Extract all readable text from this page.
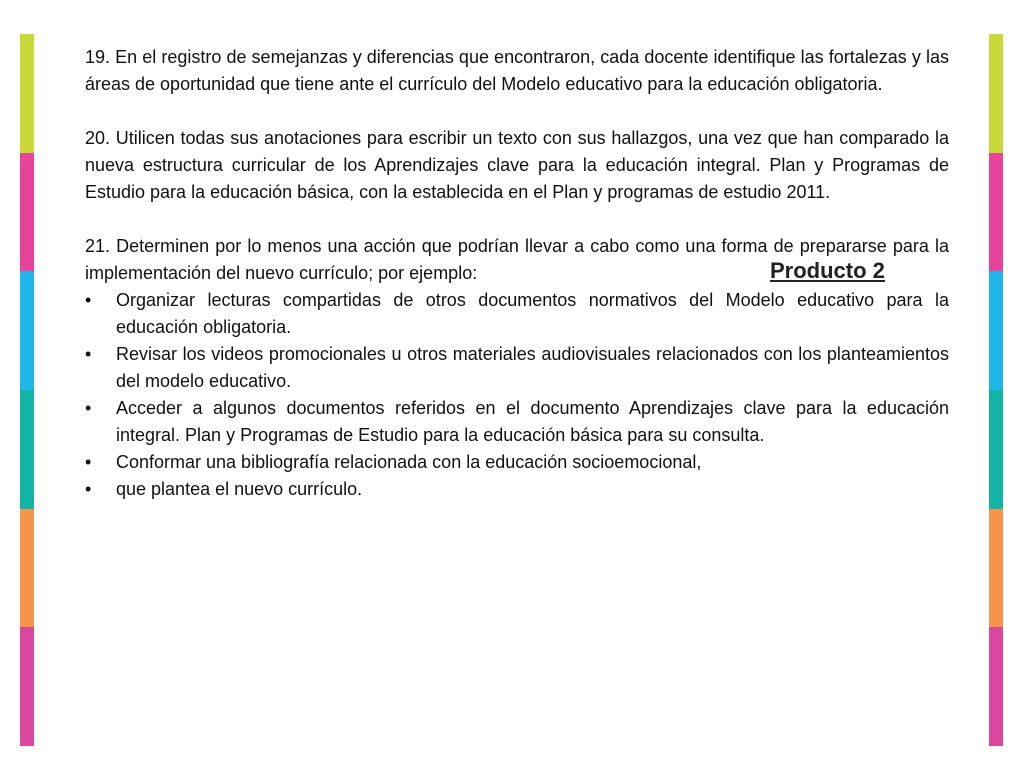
19. En el registro de semejanzas y diferencias que encontraron, cada docente identifique las fortalezas y las áreas de oportunidad que tiene ante el currículo del Modelo educativo para la educación obligatoria.

20. Utilicen todas sus anotaciones para escribir un texto con sus hallazgos, una vez que han comparado la nueva estructura curricular de los Aprendizajes clave para la educación integral. Plan y Programas de Estudio para la educación básica, con la establecida en el Plan y programas de estudio 2011.

21. Determinen por lo menos una acción que podrían llevar a cabo como una forma de prepararse para la implementación del nuevo currículo; por ejemplo:

• Organizar lecturas compartidas de otros documentos normativos del Modelo educativo para la educación obligatoria.
• Revisar los videos promocionales u otros materiales audiovisuales relacionados con los planteamientos del modelo educativo.
• Acceder a algunos documentos referidos en el documento Aprendizajes clave para la educación integral. Plan y Programas de Estudio para la educación básica para su consulta.
• Conformar una bibliografía relacionada con la educación socioemocional,
• que plantea el nuevo currículo.
Producto 2
